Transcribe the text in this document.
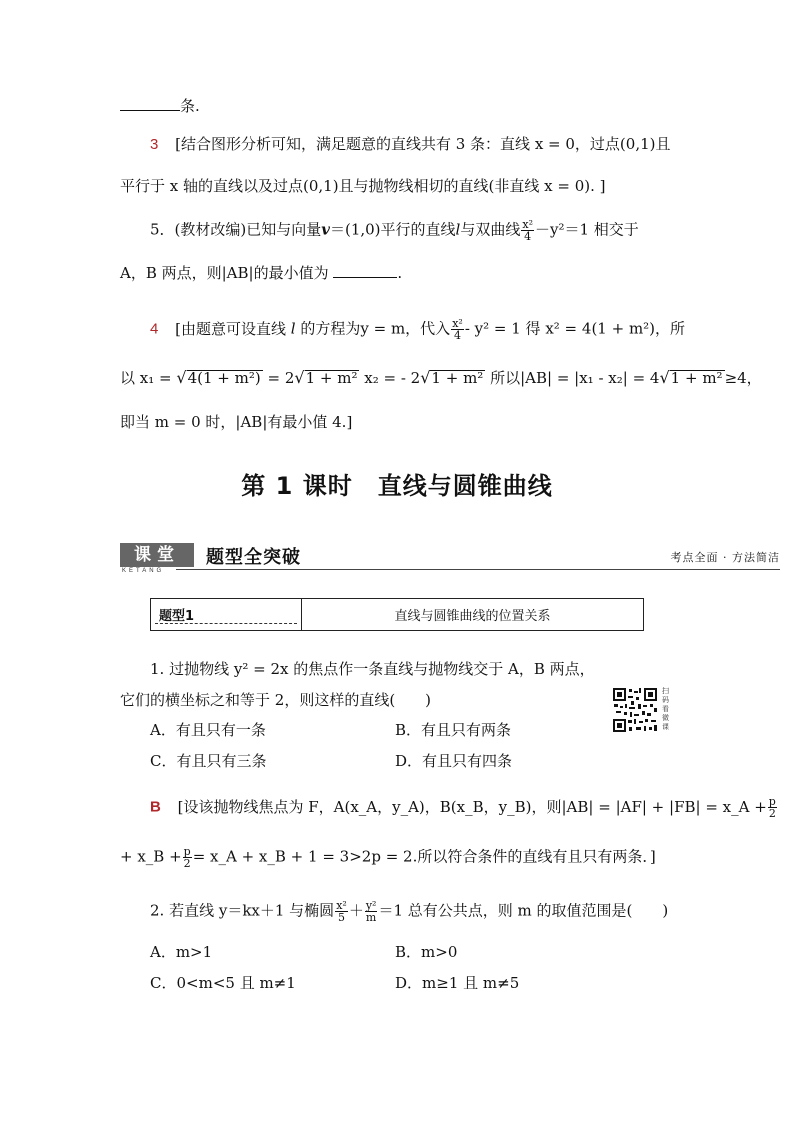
条.
3 [结合图形分析可知，满足题意的直线共有 3 条：直线 x = 0，过点(0,1)且
平行于 x 轴的直线以及过点(0,1)且与抛物线相切的直线(非直线 x = 0). ]
5．(教材改编)已知与向量v＝(1,0)平行的直线l与双曲线 $\frac{\text{x²}}{4} -y^2=1$ 相交于
A，B 两点，则|AB|的最小值为	.
4 [由题意可设直线 l 的方程为y = m，代入 $\frac{\text{x²}}{4} - y^2 = 1$ 得 x² = 4(1 + m²)，所
以 x₁ = √4(1 + m²) = 2√1 + m² x₂ = - 2√1 + m² 所以|AB| = |x₁ - x₂| = 4√1 + m² ≥4，
即当 m = 0 时，|AB|有最小值 4.]
第 1 课时　直线与圆锥曲线
课堂
KETANG
题型全突破	考点全面 · 方法简洁
题型1	直线与圆锥曲线的位置关系
1. 过抛物线 y² = 2x 的焦点作一条直线与抛物线交于 A，B 两点，
它们的横坐标之和等于 2，则这样的直线(　　)
A．有且只有一条	B．有且只有两条
C．有且只有三条	D．有且只有四条
扫码看微课
B [设该抛物线焦点为 F，A(x_A，y_A)，B(x_B，y_B)，则|AB| = |AF| + |FB| = x_A + $\frac{p}{2}$
+ x_B + $\frac{p}{2}$ = x_A + x_B + 1 = 3>2p = 2.所以符合条件的直线有且只有两条．]
2. 若直线 y＝kx＋1 与椭圆 $\frac{\text{x²}}{5} + \frac{\text{y²}}{m} =1$ 总有公共点，则 m 的取值范围是(　　)
A．m>1	B．m>0
C．0<m<5 且 m≠1	D．m≥1 且 m≠5
